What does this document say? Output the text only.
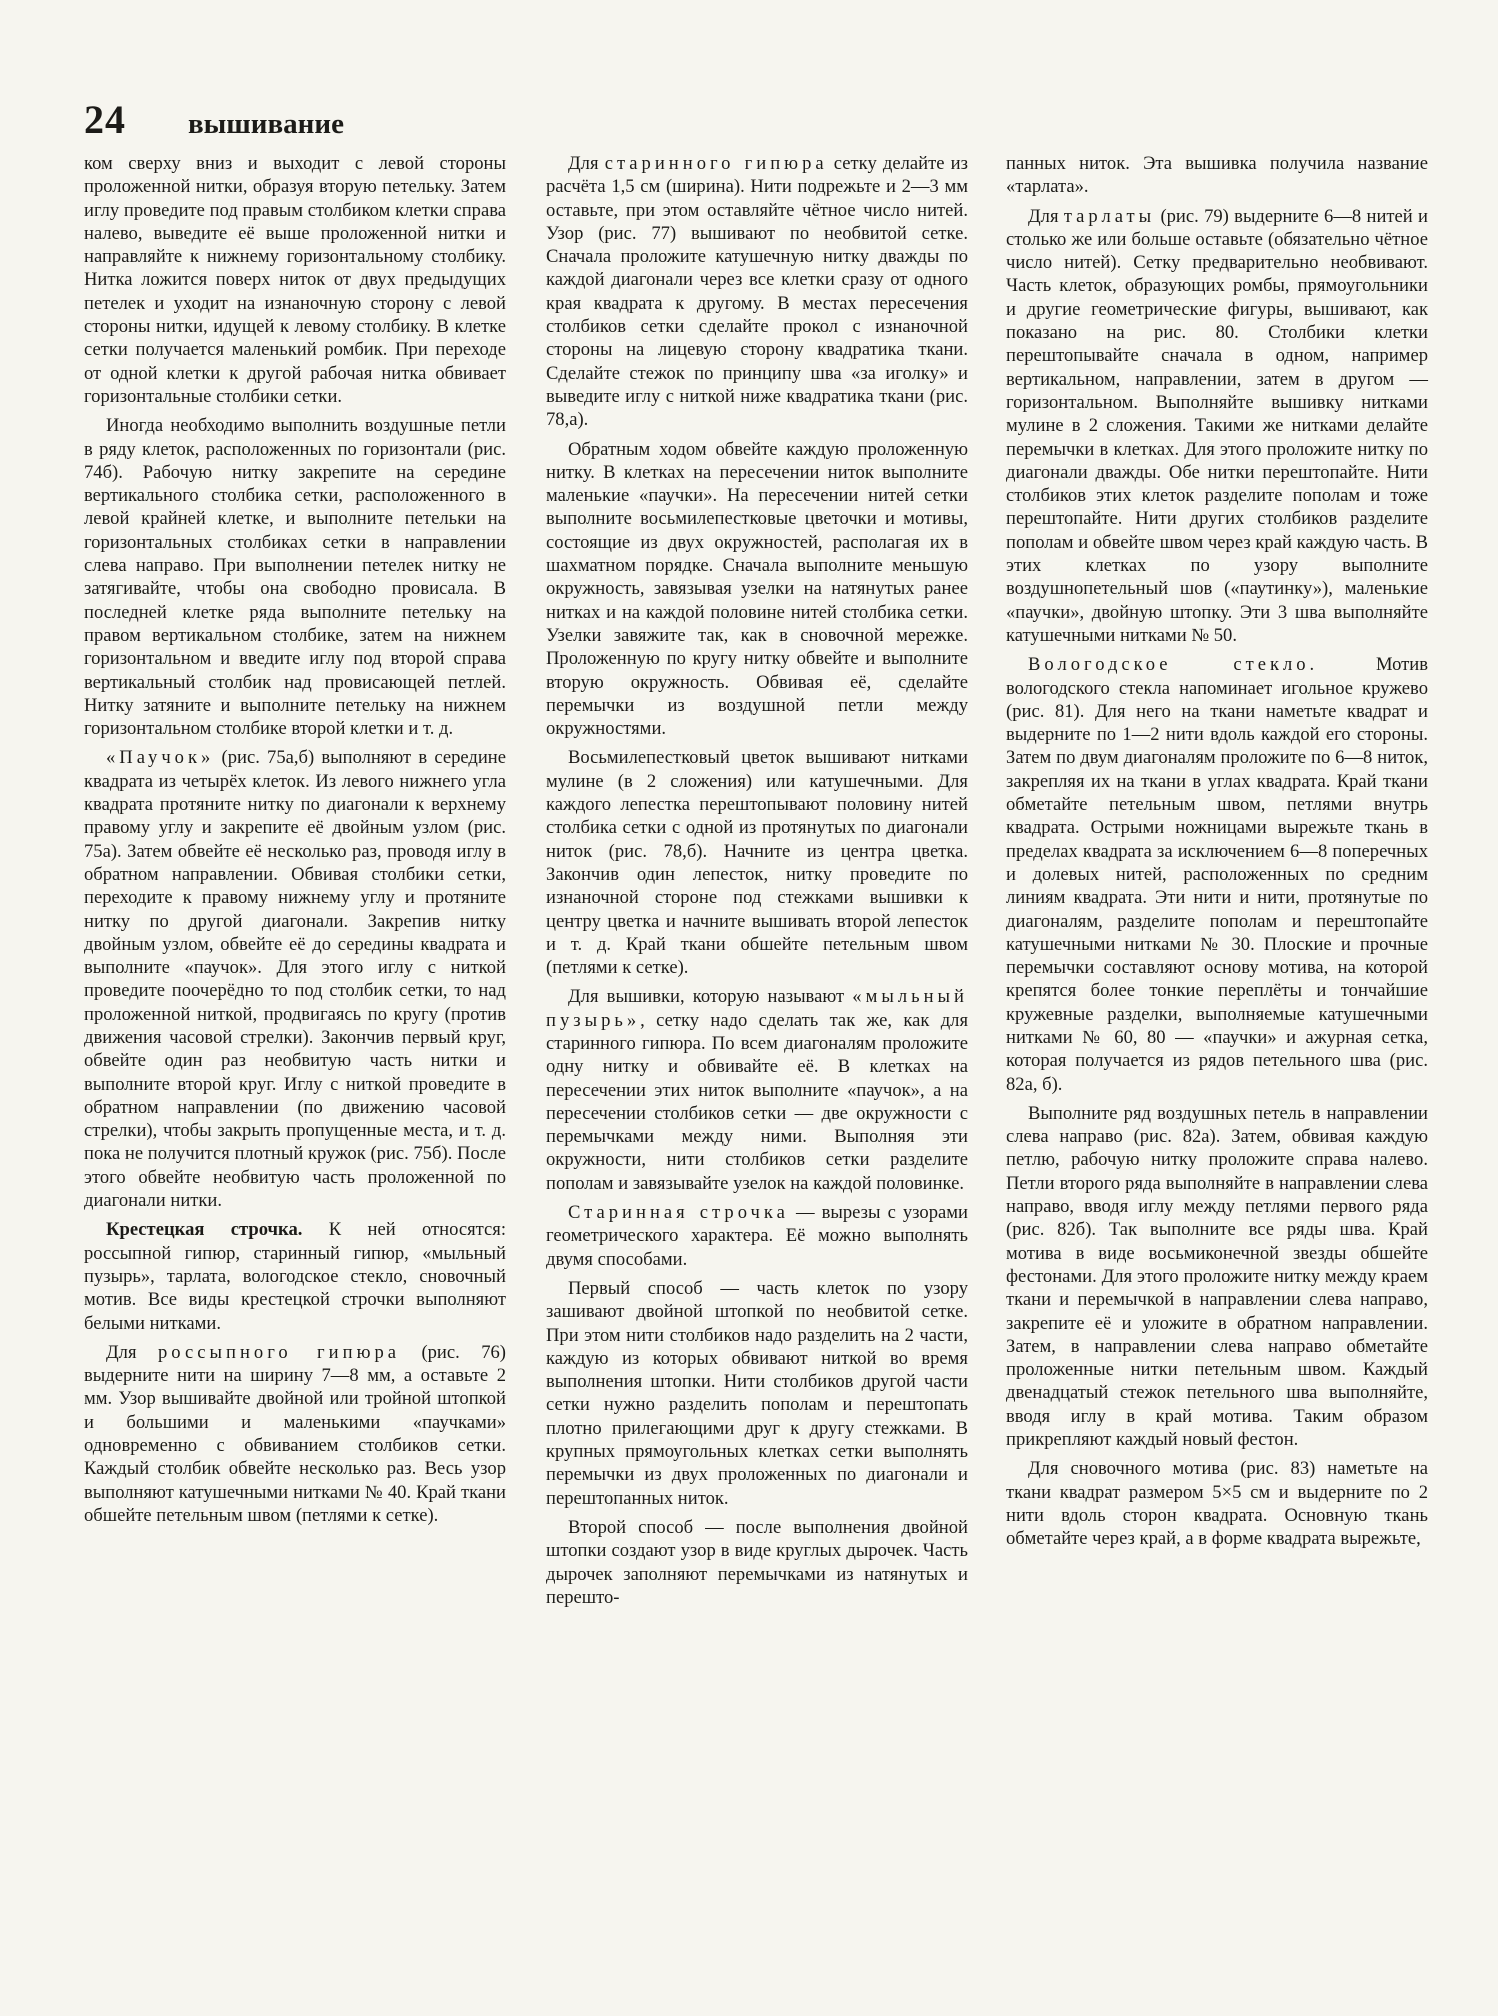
24 вышивание

ком сверху вниз и выходит с левой стороны проложенной нитки, образуя вторую петельку. Затем иглу проведите под правым столбиком клетки справа налево, выведите её выше проложенной нитки и направляйте к нижнему горизонтальному столбику. Нитка ложится поверх ниток от двух предыдущих петелек и уходит на изнаночную сторону с левой стороны нитки, идущей к левому столбику. В клетке сетки получается маленький ромбик. При переходе от одной клетки к другой рабочая нитка обвивает горизонтальные столбики сетки.

Иногда необходимо выполнить воздушные петли в ряду клеток, расположенных по горизонтали (рис. 74б). Рабочую нитку закрепите на середине вертикального столбика сетки, расположенного в левой крайней клетке, и выполните петельки на горизонтальных столбиках сетки в направлении слева направо. При выполнении петелек нитку не затягивайте, чтобы она свободно провисала. В последней клетке ряда выполните петельку на правом вертикальном столбике, затем на нижнем горизонтальном и введите иглу под второй справа вертикальный столбик над провисающей петлей. Нитку затяните и выполните петельку на нижнем горизонтальном столбике второй клетки и т. д.

«Паучок» (рис. 75а,б) выполняют в середине квадрата из четырёх клеток. Из левого нижнего угла квадрата протяните нитку по диагонали к верхнему правому углу и закрепите её двойным узлом (рис. 75а). Затем обвейте её несколько раз, проводя иглу в обратном направлении. Обвивая столбики сетки, переходите к правому нижнему углу и протяните нитку по другой диагонали. Закрепив нитку двойным узлом, обвейте её до середины квадрата и выполните «паучок». Для этого иглу с ниткой проведите поочерёдно то под столбик сетки, то над проложенной ниткой, продвигаясь по кругу (против движения часовой стрелки). Закончив первый круг, обвейте один раз необвитую часть нитки и выполните второй круг. Иглу с ниткой проведите в обратном направлении (по движению часовой стрелки), чтобы закрыть пропущенные места, и т. д. пока не получится плотный кружок (рис. 75б). После этого обвейте необвитую часть проложенной по диагонали нитки.

Крестецкая строчка. К ней относятся: россыпной гипюр, старинный гипюр, «мыльный пузырь», тарлата, вологодское стекло, сновочный мотив. Все виды крестецкой строчки выполняют белыми нитками.

Для россыпного гипюра (рис. 76) выдерните нити на ширину 7—8 мм, а оставьте 2 мм. Узор вышивайте двойной или тройной штопкой и большими и маленькими «паучками» одновременно с обвиванием столбиков сетки. Каждый столбик обвейте несколько раз. Весь узор выполняют катушечными нитками № 40. Край ткани обшейте петельным швом (петлями к сетке).

Для старинного гипюра сетку делайте из расчёта 1,5 см (ширина). Нити подрежьте и 2—3 мм оставьте, при этом оставляйте чётное число нитей. Узор (рис. 77) вышивают по необвитой сетке. Сначала проложите катушечную нитку дважды по каждой диагонали через все клетки сразу от одного края квадрата к другому. В местах пересечения столбиков сетки сделайте прокол с изнаночной стороны на лицевую сторону квадратика ткани. Сделайте стежок по принципу шва «за иголку» и выведите иглу с ниткой ниже квадратика ткани (рис. 78,а).

Обратным ходом обвейте каждую проложенную нитку. В клетках на пересечении ниток выполните маленькие «паучки». На пересечении нитей сетки выполните восьмилепестковые цветочки и мотивы, состоящие из двух окружностей, располагая их в шахматном порядке. Сначала выполните меньшую окружность, завязывая узелки на натянутых ранее нитках и на каждой половине нитей столбика сетки. Узелки завяжите так, как в сновочной мережке. Проложенную по кругу нитку обвейте и выполните вторую окружность. Обвивая её, сделайте перемычки из воздушной петли между окружностями.

Восьмилепестковый цветок вышивают нитками мулине (в 2 сложения) или катушечными. Для каждого лепестка перештопывают половину нитей столбика сетки с одной из протянутых по диагонали ниток (рис. 78,б). Начните из центра цветка. Закончив один лепесток, нитку проведите по изнаночной стороне под стежками вышивки к центру цветка и начните вышивать второй лепесток и т. д. Край ткани обшейте петельным швом (петлями к сетке).

Для вышивки, которую называют «мыльный пузырь», сетку надо сделать так же, как для старинного гипюра. По всем диагоналям проложите одну нитку и обвивайте её. В клетках на пересечении этих ниток выполните «паучок», а на пересечении столбиков сетки — две окружности с перемычками между ними. Выполняя эти окружности, нити столбиков сетки разделите пополам и завязывайте узелок на каждой половинке.

Старинная строчка — вырезы с узорами геометрического характера. Её можно выполнять двумя способами.

Первый способ — часть клеток по узору зашивают двойной штопкой по необвитой сетке. При этом нити столбиков надо разделить на 2 части, каждую из которых обвивают ниткой во время выполнения штопки. Нити столбиков другой части сетки нужно разделить пополам и перештопать плотно прилегающими друг к другу стежками. В крупных прямоугольных клетках сетки выполнять перемычки из двух проложенных по диагонали и перештопанных ниток.

Второй способ — после выполнения двойной штопки создают узор в виде круглых дырочек. Часть дырочек заполняют перемычками из натянутых и перешто-

панных ниток. Эта вышивка получила название «тарлата».

Для тарлаты (рис. 79) выдерните 6—8 нитей и столько же или больше оставьте (обязательно чётное число нитей). Сетку предварительно необвивают. Часть клеток, образующих ромбы, прямоугольники и другие геометрические фигуры, вышивают, как показано на рис. 80. Столбики клетки перештопывайте сначала в одном, например вертикальном, направлении, затем в другом — горизонтальном. Выполняйте вышивку нитками мулине в 2 сложения. Такими же нитками делайте перемычки в клетках. Для этого проложите нитку по диагонали дважды. Обе нитки перештопайте. Нити столбиков этих клеток разделите пополам и тоже перештопайте. Нити других столбиков разделите пополам и обвейте швом через край каждую часть. В этих клетках по узору выполните воздушнопетельный шов («паутинку»), маленькие «паучки», двойную штопку. Эти 3 шва выполняйте катушечными нитками № 50.

Вологодское стекло. Мотив вологодского стекла напоминает игольное кружево (рис. 81). Для него на ткани наметьте квадрат и выдерните по 1—2 нити вдоль каждой его стороны. Затем по двум диагоналям проложите по 6—8 ниток, закрепляя их на ткани в углах квадрата. Край ткани обметайте петельным швом, петлями внутрь квадрата. Острыми ножницами вырежьте ткань в пределах квадрата за исключением 6—8 поперечных и долевых нитей, расположенных по средним линиям квадрата. Эти нити и нити, протянутые по диагоналям, разделите пополам и перештопайте катушечными нитками № 30. Плоские и прочные перемычки составляют основу мотива, на которой крепятся более тонкие переплёты и тончайшие кружевные разделки, выполняемые катушечными нитками № 60, 80 — «паучки» и ажурная сетка, которая получается из рядов петельного шва (рис. 82а, б).

Выполните ряд воздушных петель в направлении слева направо (рис. 82а). Затем, обвивая каждую петлю, рабочую нитку проложите справа налево. Петли второго ряда выполняйте в направлении слева направо, вводя иглу между петлями первого ряда (рис. 82б). Так выполните все ряды шва. Край мотива в виде восьмиконечной звезды обшейте фестонами. Для этого проложите нитку между краем ткани и перемычкой в направлении слева направо, закрепите её и уложите в обратном направлении. Затем, в направлении слева направо обметайте проложенные нитки петельным швом. Каждый двенадцатый стежок петельного шва выполняйте, вводя иглу в край мотива. Таким образом прикрепляют каждый новый фестон.

Для сновочного мотива (рис. 83) наметьте на ткани квадрат размером 5×5 см и выдерните по 2 нити вдоль сторон квадрата. Основную ткань обметайте через край, а в форме квадрата вырежьте,
